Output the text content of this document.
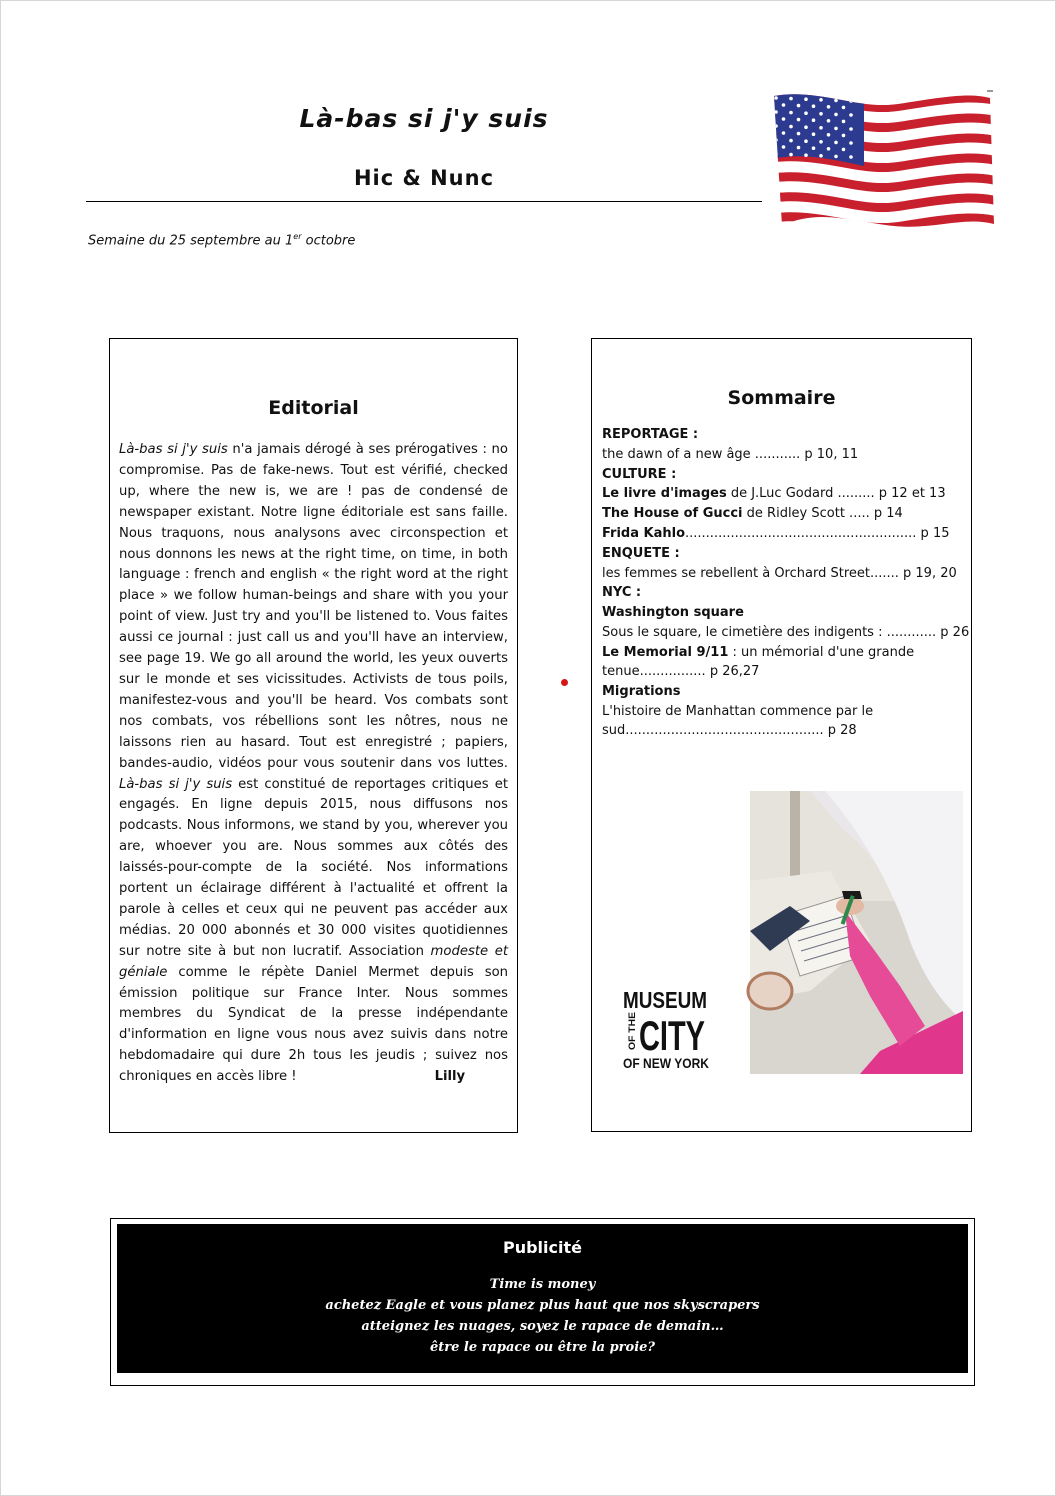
Là-bas si j'y suis
Hic & Nunc
Semaine du 25 septembre au 1er octobre
Editorial

Là-bas si j'y suis n'a jamais dérogé à ses prérogatives : no compromise. Pas de fake-news. Tout est vérifié, checked up, where the new is, we are ! pas de condensé de newspaper existant. Notre ligne éditoriale est sans faille. Nous traquons, nous analysons avec circonspection et nous donnons les news at the right time, on time, in both language : french and english « the right word at the right place » we follow human-beings and share with you your point of view. Just try and you'll be listened to. Vous faites aussi ce journal : just call us and you'll have an interview, see page 19. We go all around the world, les yeux ouverts sur le monde et ses vicissitudes. Activists de tous poils, manifestez-vous and you'll be heard. Vos combats sont nos combats, vos rébellions sont les nôtres, nous ne laissons rien au hasard. Tout est enregistré ; papiers, bandes-audio, vidéos pour vous soutenir dans vos luttes. Là-bas si j'y suis est constitué de reportages critiques et engagés. En ligne depuis 2015, nous diffusons nos podcasts. Nous informons, we stand by you, wherever you are, whoever you are. Nous sommes aux côtés des laissés-pour-compte de la société. Nos informations portent un éclairage différent à l'actualité et offrent la parole à celles et ceux qui ne peuvent pas accéder aux médias. 20 000 abonnés et 30 000 visites quotidiennes sur notre site à but non lucratif. Association modeste et géniale comme le répète Daniel Mermet depuis son émission politique sur France Inter. Nous sommes membres du Syndicat de la presse indépendante d'information en ligne vous nous avez suivis dans notre hebdomadaire qui dure 2h tous les jeudis ; suivez nos chroniques en accès libre !	Lilly

Sommaire
REPORTAGE :
the dawn of a new âge ........... p 10, 11
CULTURE :
Le livre d'images de J.Luc Godard ......... p 12 et 13
The House of Gucci de Ridley Scott ..... p 14
Frida Kahlo........................................................ p 15
ENQUETE :
les femmes se rebellent à Orchard Street....... p 19, 20
NYC :
Washington square
Sous le square, le cimetière des indigents : ............ p 26
Le Memorial 9/11 : un mémorial d'une grande tenue................ p 26,27
Migrations
L'histoire de Manhattan commence par le sud................................................ p 28
MUSEUM
OF THE CITY
OF NEW YORK
Publicité
Time is money
achetez Eagle et vous planez plus haut que nos skyscrapers
atteignez les nuages, soyez le rapace de demain…
être le rapace ou être la proie?
